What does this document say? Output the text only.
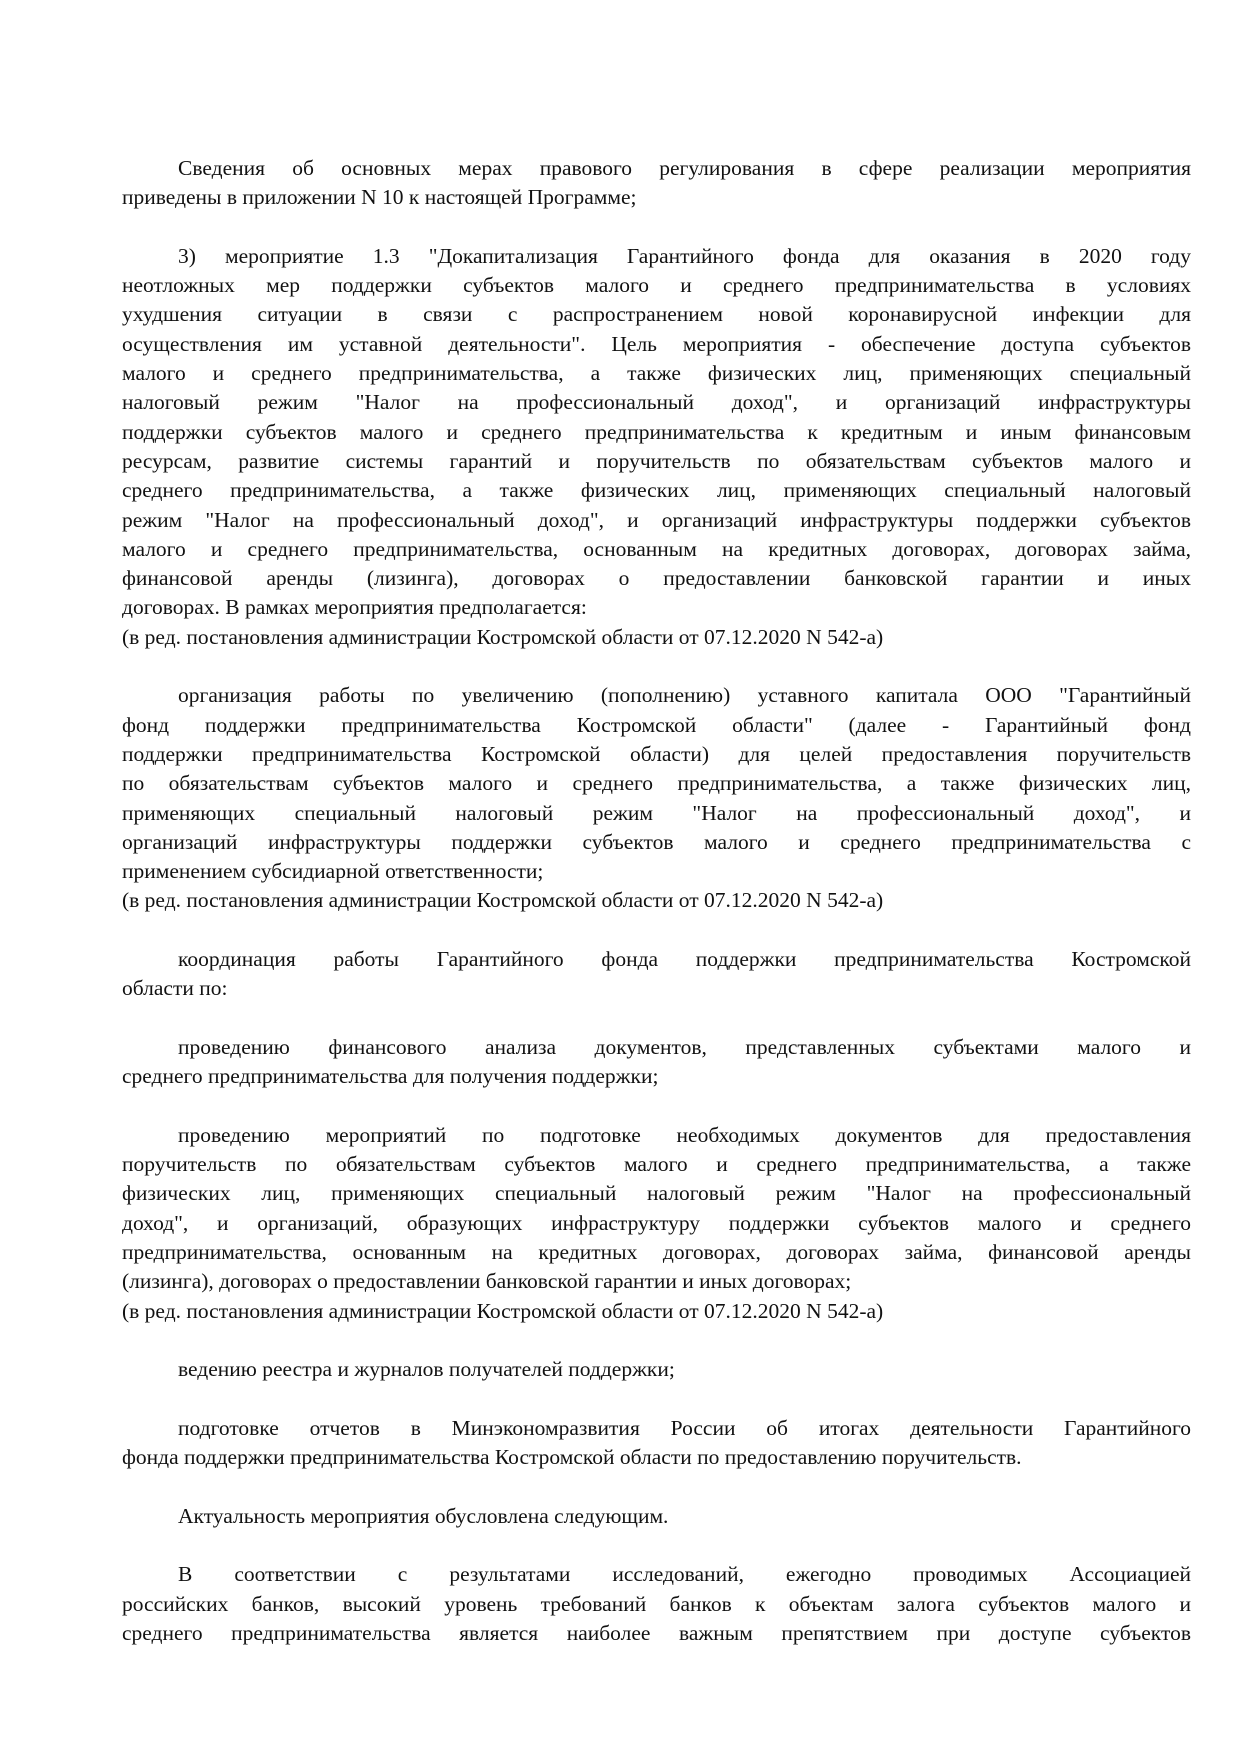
Сведения об основных мерах правового регулирования в сфере реализации мероприятия
приведены в приложении N 10 к настоящей Программе;
3) мероприятие 1.3 "Докапитализация Гарантийного фонда для оказания в 2020 году
неотложных мер поддержки субъектов малого и среднего предпринимательства в условиях
ухудшения ситуации в связи с распространением новой коронавирусной инфекции для
осуществления им уставной деятельности". Цель мероприятия - обеспечение доступа субъектов
малого и среднего предпринимательства, а также физических лиц, применяющих специальный
налоговый режим "Налог на профессиональный доход", и организаций инфраструктуры
поддержки субъектов малого и среднего предпринимательства к кредитным и иным финансовым
ресурсам, развитие системы гарантий и поручительств по обязательствам субъектов малого и
среднего предпринимательства, а также физических лиц, применяющих специальный налоговый
режим "Налог на профессиональный доход", и организаций инфраструктуры поддержки субъектов
малого и среднего предпринимательства, основанным на кредитных договорах, договорах займа,
финансовой аренды (лизинга), договорах о предоставлении банковской гарантии и иных
договорах. В рамках мероприятия предполагается:
(в ред. постановления администрации Костромской области от 07.12.2020 N 542-а)
организация работы по увеличению (пополнению) уставного капитала ООО "Гарантийный
фонд поддержки предпринимательства Костромской области" (далее - Гарантийный фонд
поддержки предпринимательства Костромской области) для целей предоставления поручительств
по обязательствам субъектов малого и среднего предпринимательства, а также физических лиц,
применяющих специальный налоговый режим "Налог на профессиональный доход", и
организаций инфраструктуры поддержки субъектов малого и среднего предпринимательства с
применением субсидиарной ответственности;
(в ред. постановления администрации Костромской области от 07.12.2020 N 542-а)
координация работы Гарантийного фонда поддержки предпринимательства Костромской
области по:
проведению финансового анализа документов, представленных субъектами малого и
среднего предпринимательства для получения поддержки;
проведению мероприятий по подготовке необходимых документов для предоставления
поручительств по обязательствам субъектов малого и среднего предпринимательства, а также
физических лиц, применяющих специальный налоговый режим "Налог на профессиональный
доход", и организаций, образующих инфраструктуру поддержки субъектов малого и среднего
предпринимательства, основанным на кредитных договорах, договорах займа, финансовой аренды
(лизинга), договорах о предоставлении банковской гарантии и иных договорах;
(в ред. постановления администрации Костромской области от 07.12.2020 N 542-а)
ведению реестра и журналов получателей поддержки;
подготовке отчетов в Минэкономразвития России об итогах деятельности Гарантийного
фонда поддержки предпринимательства Костромской области по предоставлению поручительств.
Актуальность мероприятия обусловлена следующим.
В соответствии с результатами исследований, ежегодно проводимых Ассоциацией
российских банков, высокий уровень требований банков к объектам залога субъектов малого и
среднего предпринимательства является наиболее важным препятствием при доступе субъектов
